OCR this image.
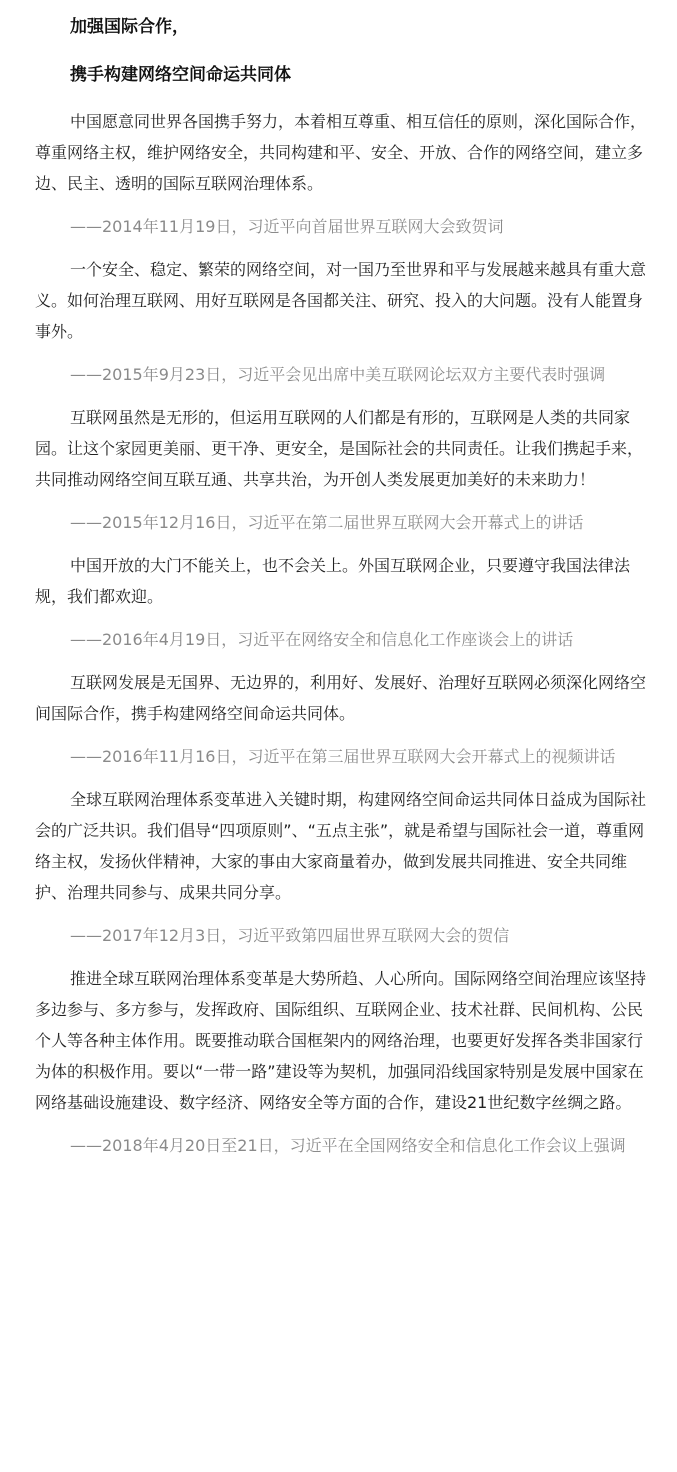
加强国际合作，
携手构建网络空间命运共同体

中国愿意同世界各国携手努力，本着相互尊重、相互信任的原则，深化国际合作，尊重网络主权，维护网络安全，共同构建和平、安全、开放、合作的网络空间，建立多边、民主、透明的国际互联网治理体系。

——2014年11月19日，习近平向首届世界互联网大会致贺词

一个安全、稳定、繁荣的网络空间，对一国乃至世界和平与发展越来越具有重大意义。如何治理互联网、用好互联网是各国都关注、研究、投入的大问题。没有人能置身事外。

——2015年9月23日，习近平会见出席中美互联网论坛双方主要代表时强调

互联网虽然是无形的，但运用互联网的人们都是有形的，互联网是人类的共同家园。让这个家园更美丽、更干净、更安全，是国际社会的共同责任。让我们携起手来，共同推动网络空间互联互通、共享共治，为开创人类发展更加美好的未来助力！

——2015年12月16日，习近平在第二届世界互联网大会开幕式上的讲话

中国开放的大门不能关上，也不会关上。外国互联网企业，只要遵守我国法律法规，我们都欢迎。

——2016年4月19日，习近平在网络安全和信息化工作座谈会上的讲话

互联网发展是无国界、无边界的，利用好、发展好、治理好互联网必须深化网络空间国际合作，携手构建网络空间命运共同体。

——2016年11月16日，习近平在第三届世界互联网大会开幕式上的视频讲话

全球互联网治理体系变革进入关键时期，构建网络空间命运共同体日益成为国际社会的广泛共识。我们倡导“四项原则”、“五点主张”，就是希望与国际社会一道，尊重网络主权，发扬伙伴精神，大家的事由大家商量着办，做到发展共同推进、安全共同维护、治理共同参与、成果共同分享。

——2017年12月3日，习近平致第四届世界互联网大会的贺信

推进全球互联网治理体系变革是大势所趋、人心所向。国际网络空间治理应该坚持多边参与、多方参与，发挥政府、国际组织、互联网企业、技术社群、民间机构、公民个人等各种主体作用。既要推动联合国框架内的网络治理，也要更好发挥各类非国家行为体的积极作用。要以“一带一路”建设等为契机，加强同沿线国家特别是发展中国家在网络基础设施建设、数字经济、网络安全等方面的合作，建设21世纪数字丝绸之路。

——2018年4月20日至21日，习近平在全国网络安全和信息化工作会议上强调
